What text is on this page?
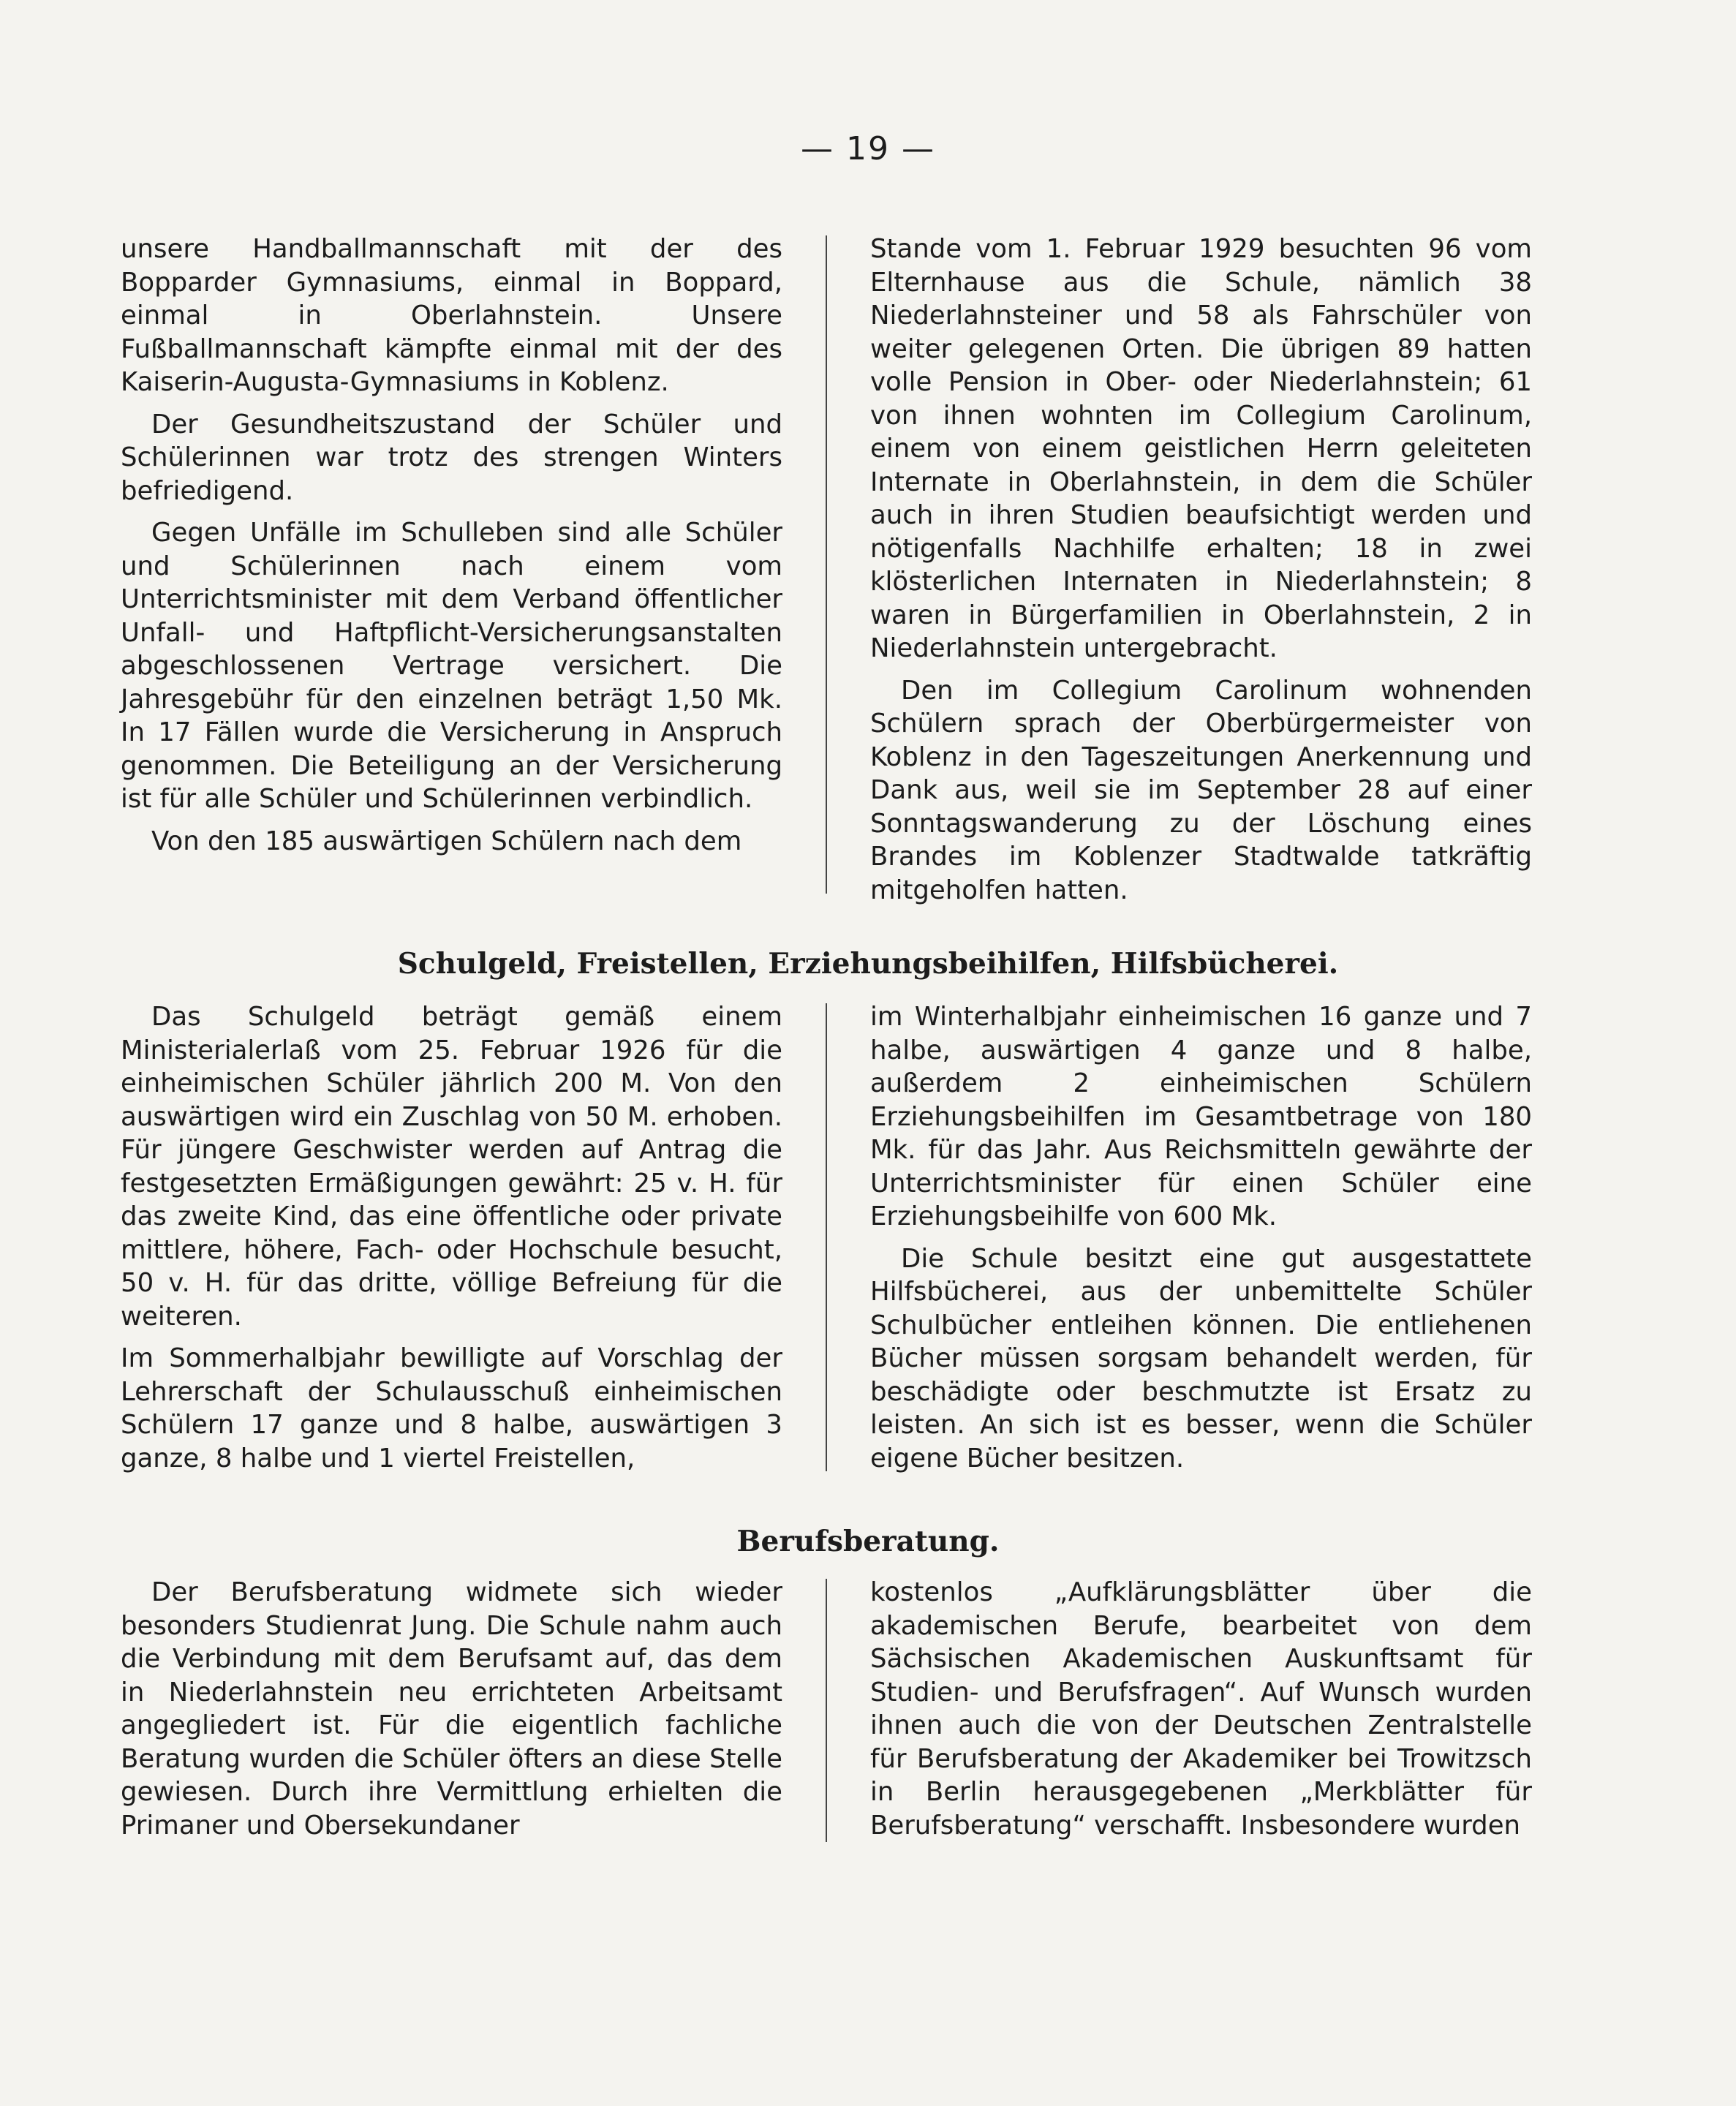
— 19 —

unsere Handballmannschaft mit der des Bopparder Gymnasiums, einmal in Boppard, einmal in Oberlahnstein. Unsere Fußballmannschaft kämpfte einmal mit der des Kaiserin-Augusta-Gymnasiums in Koblenz.

Der Gesundheitszustand der Schüler und Schülerinnen war trotz des strengen Winters befriedigend.

Gegen Unfälle im Schulleben sind alle Schüler und Schülerinnen nach einem vom Unterrichtsminister mit dem Verband öffentlicher Unfall- und Haftpflicht-Versicherungsanstalten abgeschlossenen Vertrage versichert. Die Jahresgebühr für den einzelnen beträgt 1,50 Mk. In 17 Fällen wurde die Versicherung in Anspruch genommen. Die Beteiligung an der Versicherung ist für alle Schüler und Schülerinnen verbindlich.

Von den 185 auswärtigen Schülern nach dem

Stande vom 1. Februar 1929 besuchten 96 vom Elternhause aus die Schule, nämlich 38 Niederlahnsteiner und 58 als Fahrschüler von weiter gelegenen Orten. Die übrigen 89 hatten volle Pension in Ober- oder Niederlahnstein; 61 von ihnen wohnten im Collegium Carolinum, einem von einem geistlichen Herrn geleiteten Internate in Oberlahnstein, in dem die Schüler auch in ihren Studien beaufsichtigt werden und nötigenfalls Nachhilfe erhalten; 18 in zwei klösterlichen Internaten in Niederlahnstein; 8 waren in Bürgerfamilien in Oberlahnstein, 2 in Niederlahnstein untergebracht.

Den im Collegium Carolinum wohnenden Schülern sprach der Oberbürgermeister von Koblenz in den Tageszeitungen Anerkennung und Dank aus, weil sie im September 28 auf einer Sonntagswanderung zu der Löschung eines Brandes im Koblenzer Stadtwalde tatkräftig mitgeholfen hatten.

Schulgeld, Freistellen, Erziehungsbeihilfen, Hilfsbücherei.

Das Schulgeld beträgt gemäß einem Ministerialerlaß vom 25. Februar 1926 für die einheimischen Schüler jährlich 200 M. Von den auswärtigen wird ein Zuschlag von 50 M. erhoben. Für jüngere Geschwister werden auf Antrag die festgesetzten Ermäßigungen gewährt: 25 v. H. für das zweite Kind, das eine öffentliche oder private mittlere, höhere, Fach- oder Hochschule besucht, 50 v. H. für das dritte, völlige Befreiung für die weiteren.

Im Sommerhalbjahr bewilligte auf Vorschlag der Lehrerschaft der Schulausschuß einheimischen Schülern 17 ganze und 8 halbe, auswärtigen 3 ganze, 8 halbe und 1 viertel Freistellen,

im Winterhalbjahr einheimischen 16 ganze und 7 halbe, auswärtigen 4 ganze und 8 halbe, außerdem 2 einheimischen Schülern Erziehungsbeihilfen im Gesamtbetrage von 180 Mk. für das Jahr. Aus Reichsmitteln gewährte der Unterrichtsminister für einen Schüler eine Erziehungsbeihilfe von 600 Mk.

Die Schule besitzt eine gut ausgestattete Hilfsbücherei, aus der unbemittelte Schüler Schulbücher entleihen können. Die entliehenen Bücher müssen sorgsam behandelt werden, für beschädigte oder beschmutzte ist Ersatz zu leisten. An sich ist es besser, wenn die Schüler eigene Bücher besitzen.

Berufsberatung.

Der Berufsberatung widmete sich wieder besonders Studienrat Jung. Die Schule nahm auch die Verbindung mit dem Berufsamt auf, das dem in Niederlahnstein neu errichteten Arbeitsamt angegliedert ist. Für die eigentlich fachliche Beratung wurden die Schüler öfters an diese Stelle gewiesen. Durch ihre Vermittlung erhielten die Primaner und Obersekundaner

kostenlos „Aufklärungsblätter über die akademischen Berufe, bearbeitet von dem Sächsischen Akademischen Auskunftsamt für Studien- und Berufsfragen“. Auf Wunsch wurden ihnen auch die von der Deutschen Zentralstelle für Berufsberatung der Akademiker bei Trowitzsch in Berlin herausgegebenen „Merkblätter für Berufsberatung“ verschafft. Insbesondere wurden
